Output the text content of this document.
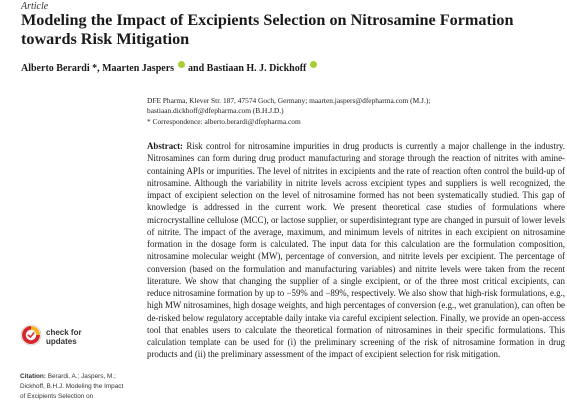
Article
Modeling the Impact of Excipients Selection on Nitrosamine Formation towards Risk Mitigation
Alberto Berardi *, Maarten Jaspers  and Bastiaan H. J. Dickhoff
DFE Pharma, Klever Str. 187, 47574 Goch, Germany; maarten.jaspers@dfepharma.com (M.J.);
bastiaan.dickhoff@dfepharma.com (B.H.J.D.)
* Correspondence: alberto.berardi@dfepharma.com

Abstract: Risk control for nitrosamine impurities in drug products is currently a major challenge in the industry. Nitrosamines can form during drug product manufacturing and storage through the reaction of nitrites with amine-containing APIs or impurities. The level of nitrites in excipients and the rate of reaction often control the build-up of nitrosamine. Although the variability in nitrite levels across excipient types and suppliers is well recognized, the impact of excipient selection on the level of nitrosamine formed has not been systematically studied. This gap of knowledge is addressed in the current work. We present theoretical case studies of formulations where microcrystalline cellulose (MCC), or lactose supplier, or superdisintegrant type are changed in pursuit of lower levels of nitrite. The impact of the average, maximum, and minimum levels of nitrites in each excipient on nitrosamine formation in the dosage form is calculated. The input data for this calculation are the formulation composition, nitrosamine molecular weight (MW), percentage of conversion, and nitrite levels per excipient. The percentage of conversion (based on the formulation and manufacturing variables) and nitrite levels were taken from the recent literature. We show that changing the supplier of a single excipient, or of the three most critical excipients, can reduce nitrosamine formation by up to −59% and −89%, respectively. We also show that high-risk formulations, e.g., high MW nitrosamines, high dosage weights, and high percentages of conversion (e.g., wet granulation), can often be de-risked below regulatory acceptable daily intake via careful excipient selection. Finally, we provide an open-access tool that enables users to calculate the theoretical formation of nitrosamines in their specific formulations. This calculation template can be used for (i) the preliminary screening of the risk of nitrosamine formation in drug products and (ii) the preliminary assessment of the impact of excipient selection for risk mitigation.

check for
updates
Citation: Berardi, A.; Jaspers, M.;
Dickhoff, B.H.J. Modeling the Impact
of Excipients Selection on
